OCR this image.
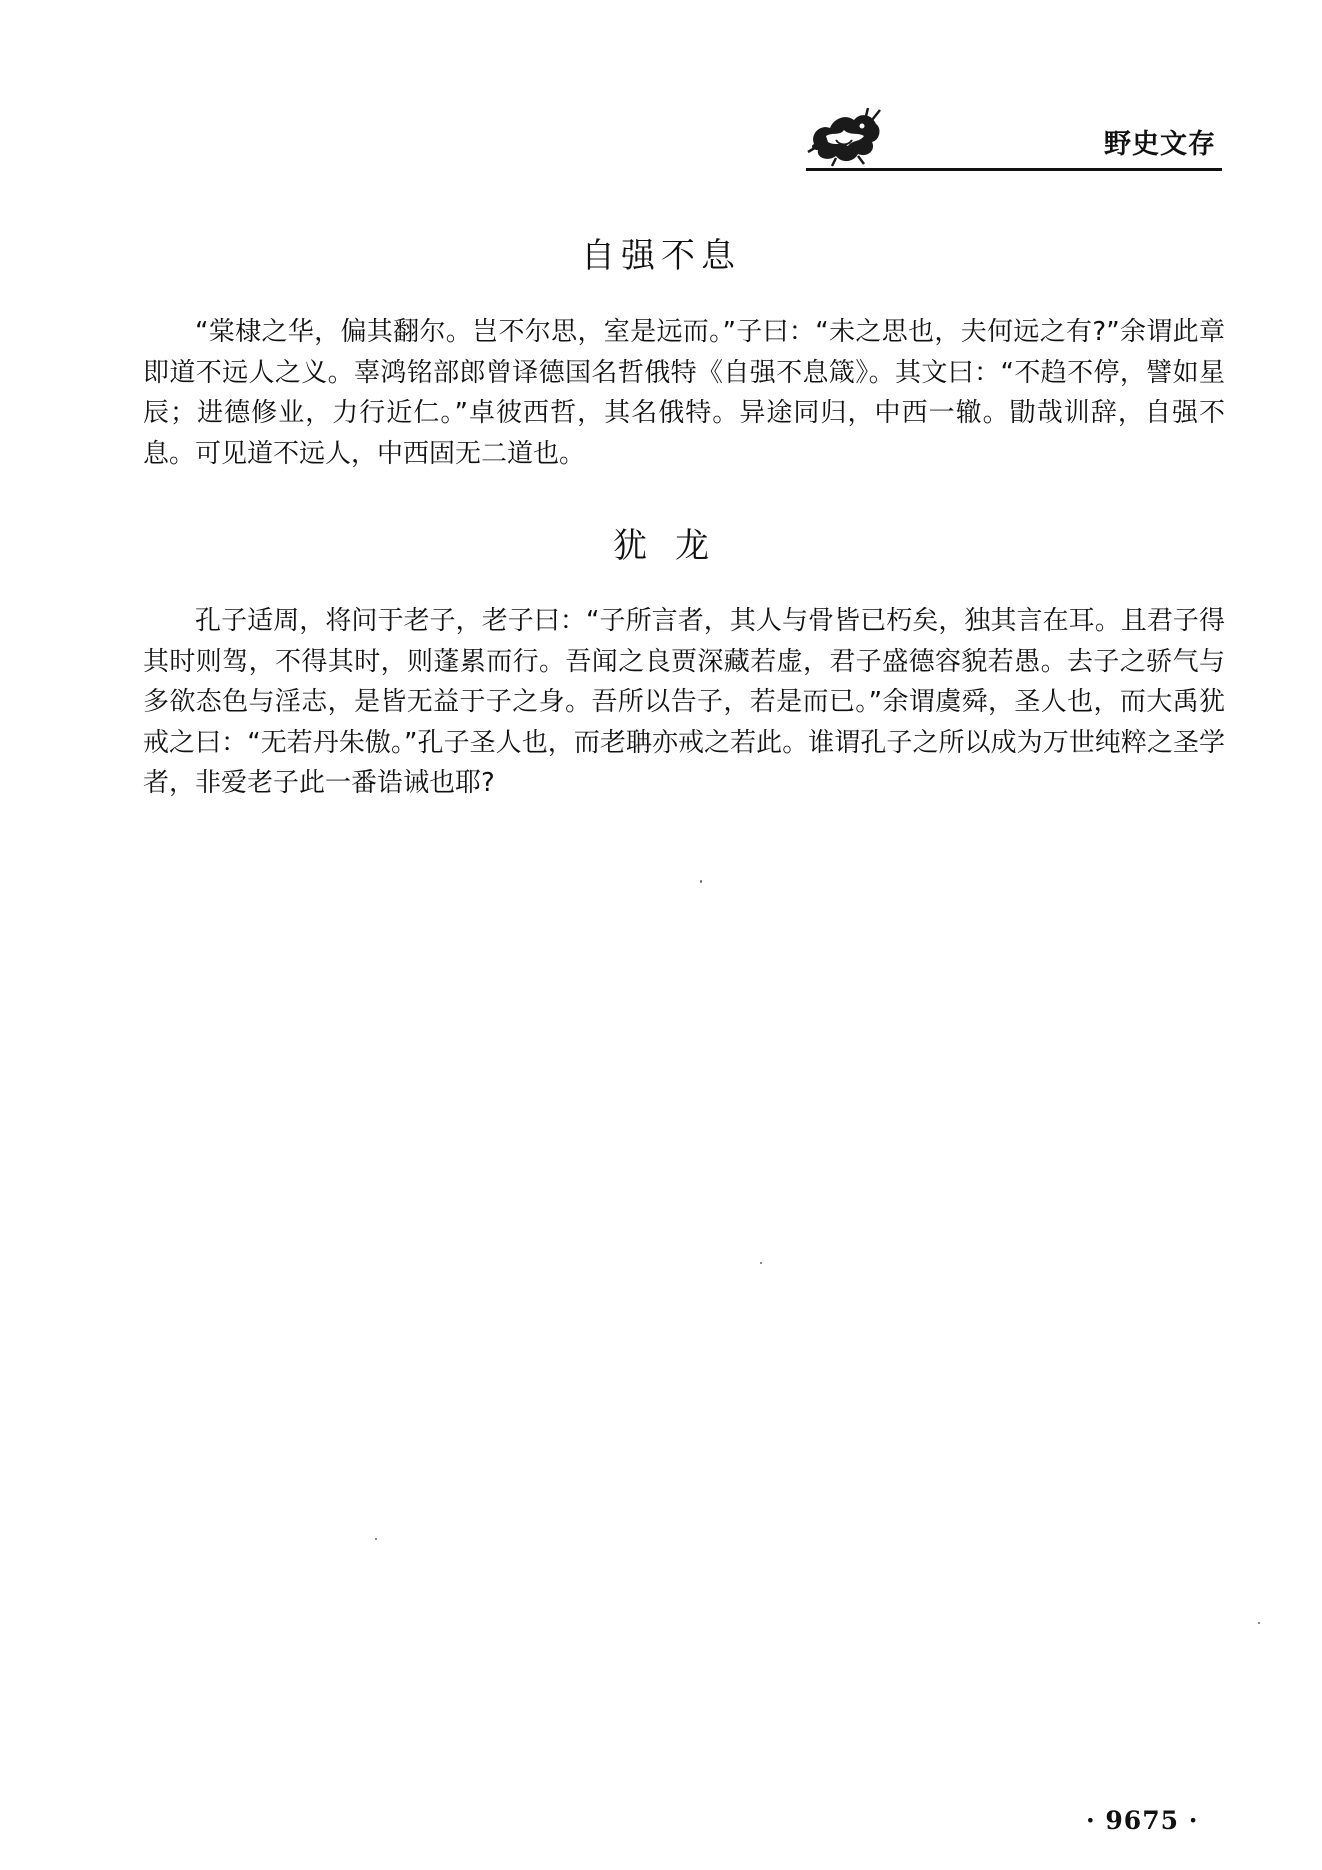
野史文存
自强不息

“棠棣之华，偏其翻尔。岂不尔思，室是远而。”子曰：“未之思也，夫何远之有?”余谓此章即道不远人之义。辜鸿铭部郎曾译德国名哲俄特《自强不息箴》。其文曰：“不趋不停，譬如星辰；进德修业，力行近仁。”卓彼西哲，其名俄特。异途同归，中西一辙。勖哉训辞，自强不息。可见道不远人，中西固无二道也。

犹龙

孔子适周，将问于老子，老子曰：“子所言者，其人与骨皆已朽矣，独其言在耳。且君子得其时则驾，不得其时，则蓬累而行。吾闻之良贾深藏若虚，君子盛德容貌若愚。去子之骄气与多欲态色与淫志，是皆无益于子之身。吾所以告子，若是而已。”余谓虞舜，圣人也，而大禹犹戒之曰：“无若丹朱傲。”孔子圣人也，而老聃亦戒之若此。谁谓孔子之所以成为万世纯粹之圣学者，非爱老子此一番诰诫也耶?

· 9675 ·
